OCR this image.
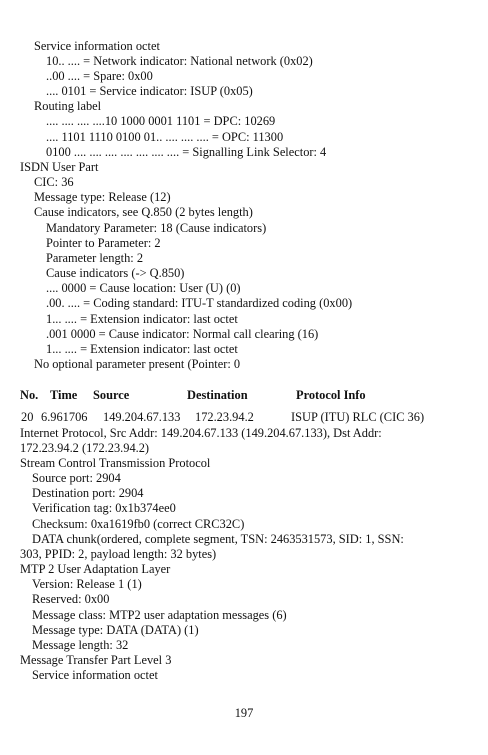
Service information octet
10.. .... = Network indicator: National network (0x02)
..00 .... = Spare: 0x00
.... 0101 = Service indicator: ISUP (0x05)
Routing label
.... .... .... ....10 1000 0001 1101 = DPC: 10269
.... 1101 1110 0100 01.. .... .... .... = OPC: 11300
0100 .... .... .... .... .... .... .... = Signalling Link Selector: 4
ISDN User Part
CIC: 36
Message type: Release (12)
Cause indicators, see Q.850 (2 bytes length)
Mandatory Parameter: 18 (Cause indicators)
Pointer to Parameter: 2
Parameter length: 2
Cause indicators (-> Q.850)
.... 0000 = Cause location: User (U) (0)
.00. .... = Coding standard: ITU-T standardized coding (0x00)
1... .... = Extension indicator: last octet
.001 0000 = Cause indicator: Normal call clearing (16)
1... .... = Extension indicator: last octet
No optional parameter present (Pointer: 0
No. Time Source	Destination	Protocol Info
20 6.961706 149.204.67.133 172.23.94.2	ISUP (ITU) RLC (CIC 36)
Internet Protocol, Src Addr: 149.204.67.133 (149.204.67.133), Dst Addr:
172.23.94.2 (172.23.94.2)
Stream Control Transmission Protocol
Source port: 2904
Destination port: 2904
Verification tag: 0x1b374ee0
Checksum: 0xa1619fb0 (correct CRC32C)
DATA chunk(ordered, complete segment, TSN: 2463531573, SID: 1, SSN:
303, PPID: 2, payload length: 32 bytes)
MTP 2 User Adaptation Layer
Version: Release 1 (1)
Reserved: 0x00
Message class: MTP2 user adaptation messages (6)
Message type: DATA (DATA) (1)
Message length: 32
Message Transfer Part Level 3
Service information octet
197
